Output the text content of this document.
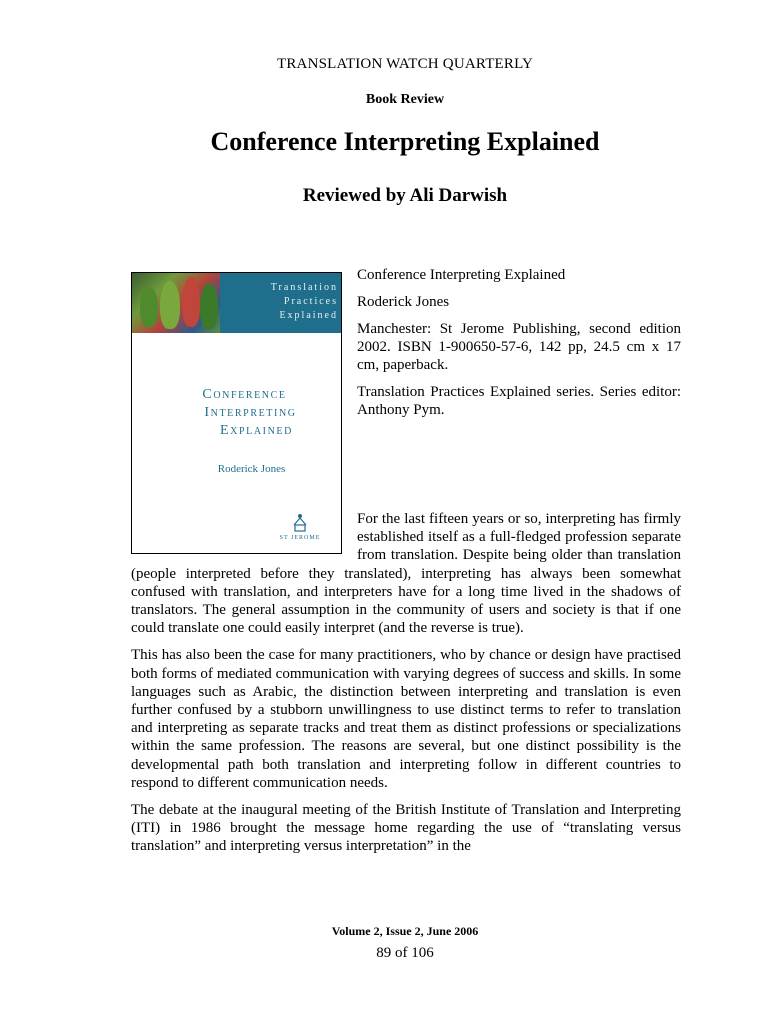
TRANSLATION WATCH QUARTERLY
Book Review
Conference Interpreting Explained
Reviewed by Ali Darwish
Translation
Practices
Explained
Conference
Interpreting
Explained
Roderick Jones
ST JEROME

Conference Interpreting Explained

Roderick Jones

Manchester: St Jerome Publishing, second edition 2002. ISBN 1-900650-57-6, 142 pp, 24.5 cm x 17 cm, paperback.

Translation Practices Explained series. Series editor: Anthony Pym.

For the last fifteen years or so, interpreting has firmly established itself as a full-fledged profession separate from translation. Despite being older than translation (people interpreted before they translated), interpreting has always been somewhat confused with translation, and interpreters have for a long time lived in the shadows of translators. The general assumption in the community of users and society is that if one could translate one could easily interpret (and the reverse is true).

This has also been the case for many practitioners, who by chance or design have practised both forms of mediated communication with varying degrees of success and skills. In some languages such as Arabic, the distinction between interpreting and translation is even further confused by a stubborn unwillingness to use distinct terms to refer to translation and interpreting as separate tracks and treat them as distinct professions or specializations within the same profession. The reasons are several, but one distinct possibility is the developmental path both translation and interpreting follow in different countries to respond to different communication needs.

The debate at the inaugural meeting of the British Institute of Translation and Interpreting (ITI) in 1986 brought the message home regarding the use of “translating versus translation” and interpreting versus interpretation” in the

Volume 2, Issue 2, June 2006
89 of 106
